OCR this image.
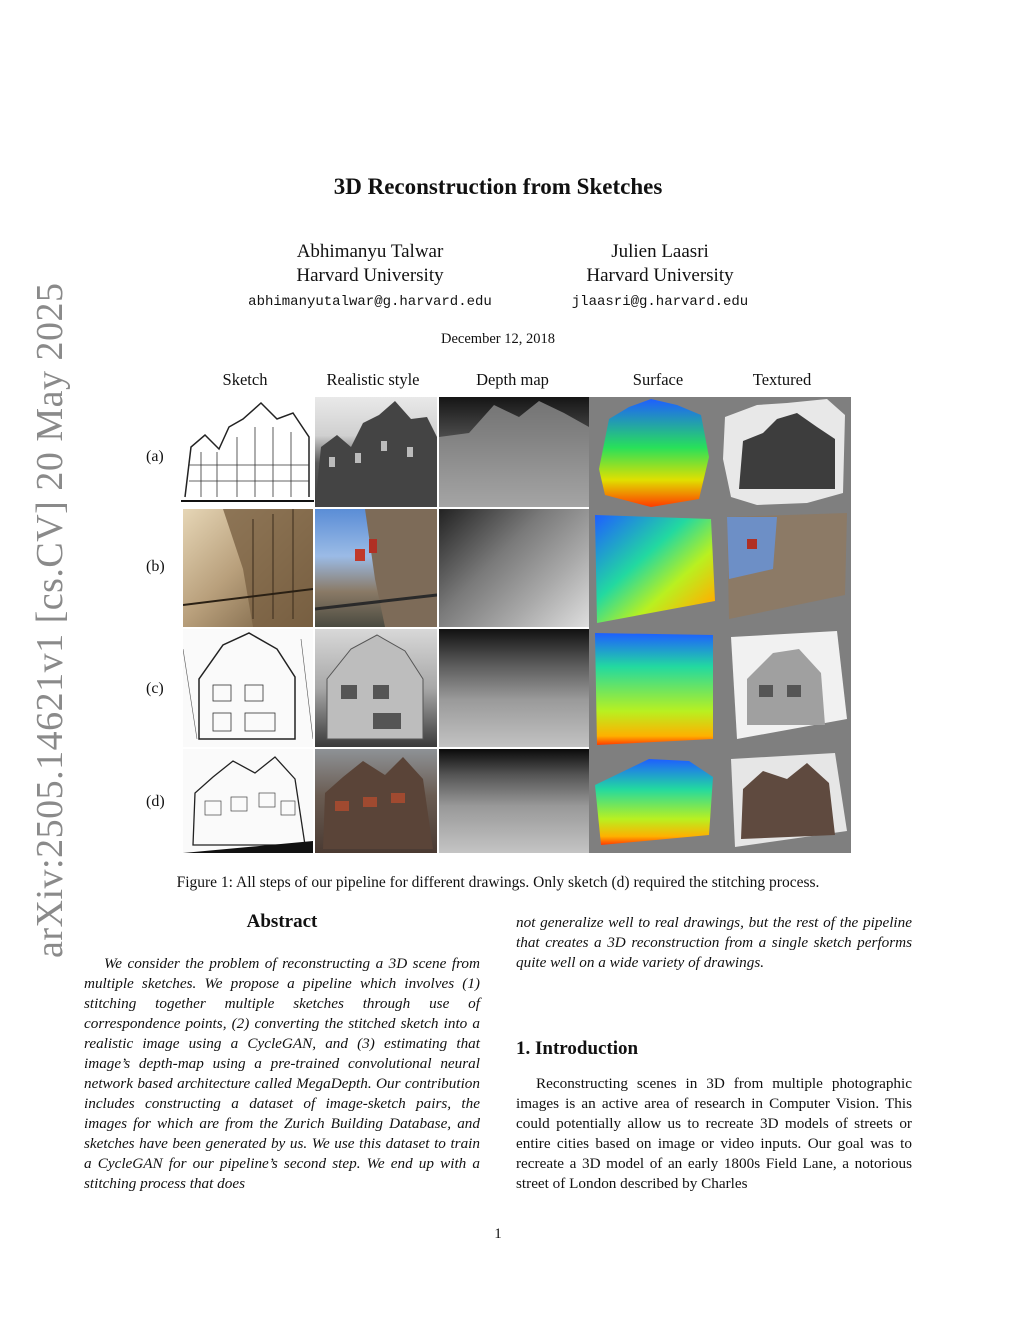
arXiv:2505.14621v1 [cs.CV] 20 May 2025
3D Reconstruction from Sketches
Abhimanyu Talwar
Harvard University
abhimanyutalwar@g.harvard.edu
Julien Laasri
Harvard University
jlaasri@g.harvard.edu
December 12, 2018
Sketch	Realistic style	Depth map	Surface	Textured
(a)
(b)
(c)
(d)
Figure 1: All steps of our pipeline for different drawings. Only sketch (d) required the stitching process.
Abstract
We consider the problem of reconstructing a 3D scene from multiple sketches. We propose a pipeline which involves (1) stitching together multiple sketches through use of correspondence points, (2) converting the stitched sketch into a realistic image using a CycleGAN, and (3) estimating that image’s depth-map using a pre-trained convolutional neural network based architecture called MegaDepth. Our contribution includes constructing a dataset of image-sketch pairs, the images for which are from the Zurich Building Database, and sketches have been generated by us. We use this dataset to train a CycleGAN for our pipeline’s second step. We end up with a stitching process that does
not generalize well to real drawings, but the rest of the pipeline that creates a 3D reconstruction from a single sketch performs quite well on a wide variety of drawings.
1. Introduction
Reconstructing scenes in 3D from multiple photographic images is an active area of research in Computer Vision. This could potentially allow us to recreate 3D models of streets or entire cities based on image or video inputs. Our goal was to recreate a 3D model of an early 1800s Field Lane, a notorious street of London described by Charles
1
